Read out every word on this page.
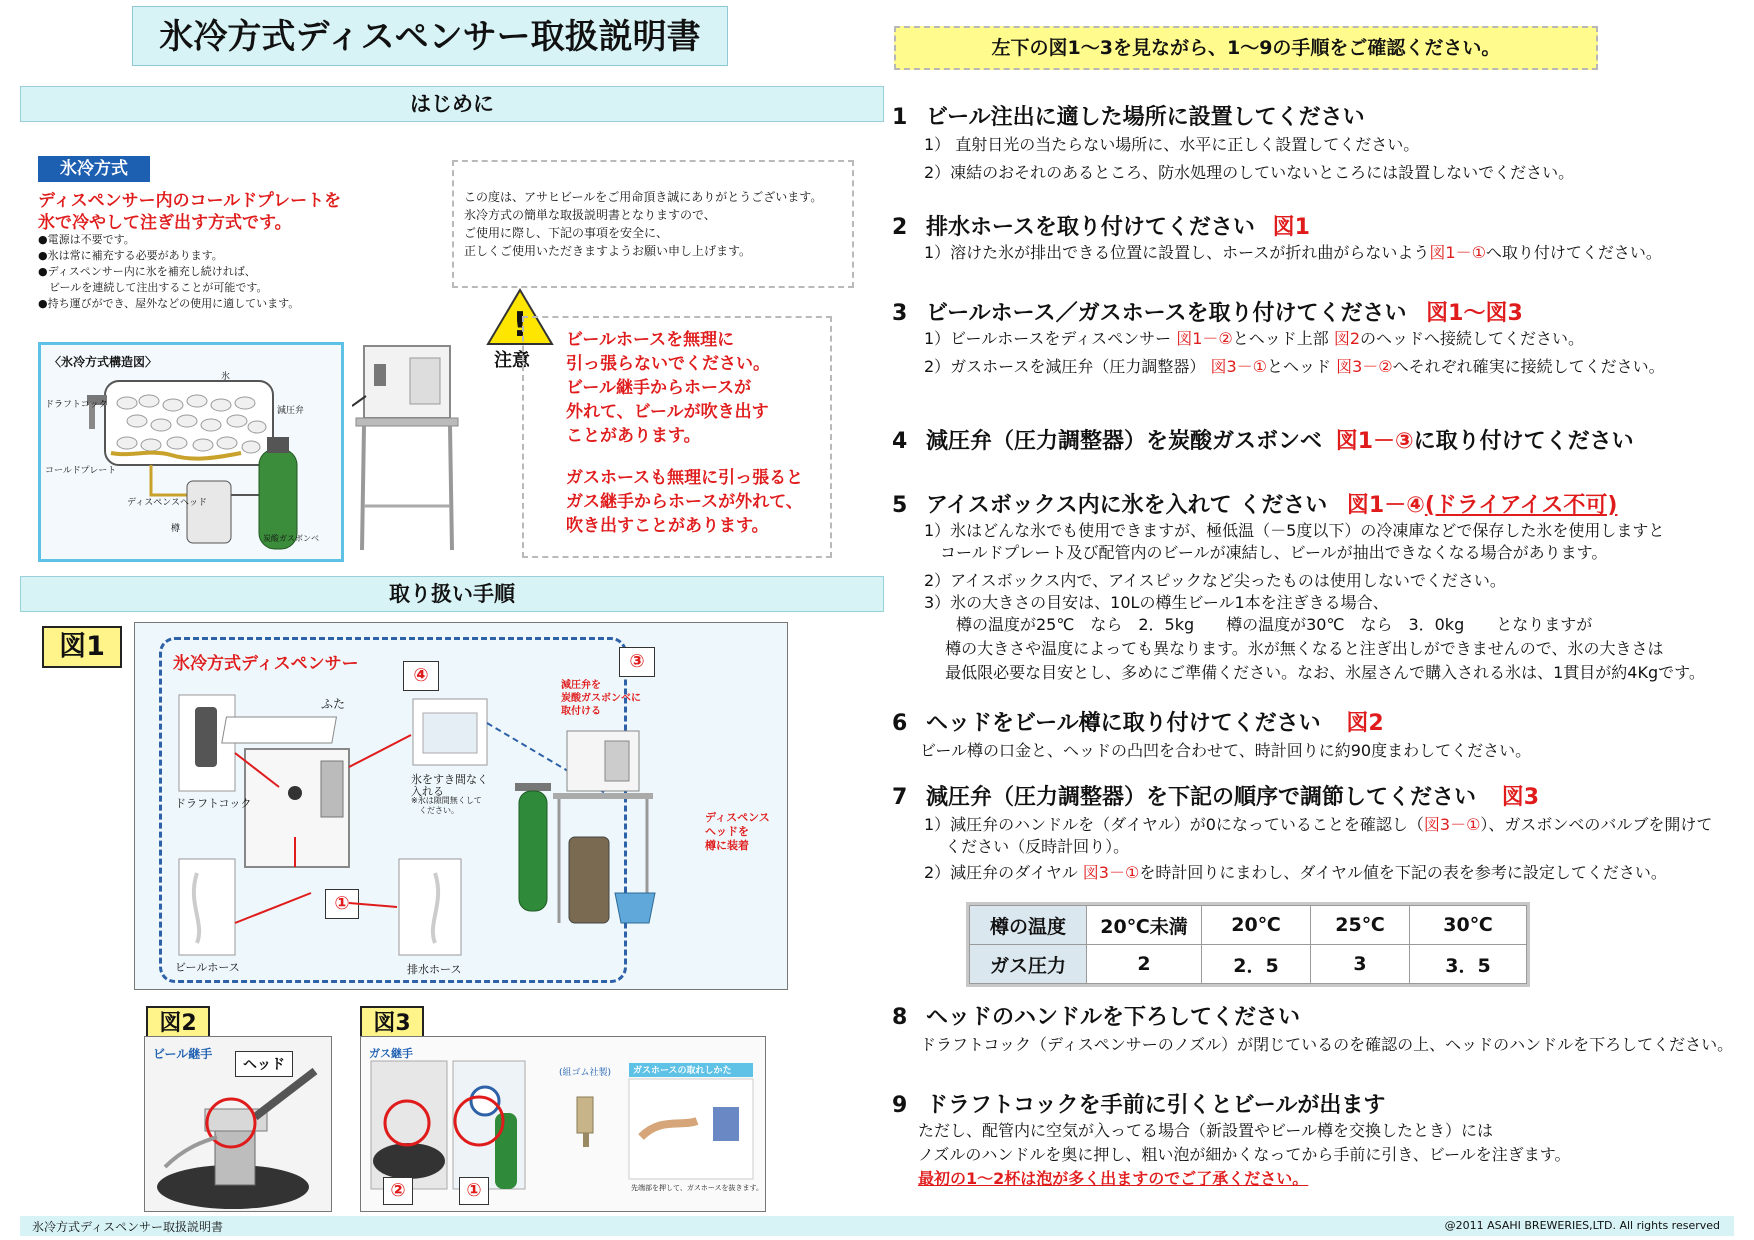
氷冷方式ディスペンサー取扱説明書
はじめに
氷冷方式
ディスペンサー内のコールドプレートを
氷で冷やして注ぎ出す方式です。
●電源は不要です。
●氷は常に補充する必要があります。
●ディスペンサー内に氷を補充し続ければ、
　ビールを連続して注出することが可能です。
●持ち運びができ、屋外などの使用に適しています。
この度は、アサヒビールをご用命頂き誠にありがとうございます。
氷冷方式の簡単な取扱説明書となりますので、
ご使用に際し、下記の事項を安全に、
正しくご使用いただきますようお願い申し上げます。
〈氷冷方式構造図〉
ドラフトコック
氷
減圧弁
コールドプレート
ディスペンスヘッド
樽
炭酸ガスボンベ
!
注意
ビールホースを無理に
引っ張らないでください。
ビール継手からホースが
外れて、ビールが吹き出す
ことがあります。
ガスホースも無理に引っ張ると
ガス継手からホースが外れて、
吹き出すことがあります。
取り扱い手順
図1
氷冷方式ディスペンサー
④
③
①
ふた
ドラフトコック
氷をすき間なく
入れる
※氷は隙間無くして
ください。
ビールホース	排水ホース
減圧弁を
炭酸ガスボンベに
取付ける
ディスペンス
ヘッドを
樽に装着
図2
ビール継手
ヘッド
図3
ガス継手
(組ゴム社製)	ガスホースの取れしかた
先端部を押して、ガスホースを抜きます。
②	①
左下の図1～3を見ながら、1～9の手順をご確認ください。
1 ビール注出に適した場所に設置してください
1） 直射日光の当たらない場所に、水平に正しく設置してください。
2）凍結のおそれのあるところ、防水処理のしていないところには設置しないでください。
2 排水ホースを取り付けてください 図1
1）溶けた氷が排出できる位置に設置し、ホースが折れ曲がらないよう図1－①へ取り付けてください。
3 ビールホース／ガスホースを取り付けてください 図1～図3
1）ビールホースをディスペンサー 図1－②とヘッド上部 図2のヘッドへ接続してください。
2）ガスホースを減圧弁（圧力調整器） 図3－①とヘッド 図3－②へそれぞれ確実に接続してください。
4 減圧弁（圧力調整器）を炭酸ガスボンベ 図1－③に取り付けてください
5 アイスボックス内に氷を入れて ください 図1－④(ドライアイス不可)
1）氷はどんな氷でも使用できますが、極低温（－5度以下）の冷凍庫などで保存した氷を使用しますと
　コールドプレート及び配管内のビールが凍結し、ビールが抽出できなくなる場合があります。
2）アイスボックス内で、アイスピックなど尖ったものは使用しないでください。
3）氷の大きさの目安は、10Lの樽生ビール1本を注ぎきる場合、
　　樽の温度が25℃　なら　2．5kg　　樽の温度が30℃　なら　3．0kg　　となりますが
　 樽の大きさや温度によっても異なります。氷が無くなると注ぎ出しができませんので、氷の大きさは
　 最低限必要な目安とし、多めにご準備ください。なお、氷屋さんで購入される氷は、1貫目が約4Kgです。
6 ヘッドをビール樽に取り付けてください 図2
ビール樽の口金と、ヘッドの凸凹を合わせて、時計回りに約90度まわしてください。
7 減圧弁（圧力調整器）を下記の順序で調節してください 図3
1）減圧弁のハンドルを（ダイヤル）が0になっていることを確認し（図3－①）、ガスボンベのバルブを開けて
　 ください（反時計回り）。
2）減圧弁のダイヤル 図3－①を時計回りにまわし、ダイヤル値を下記の表を参考に設定してください。
樽の温度	20℃未満	20℃	25℃	30℃
ガス圧力	2	2．5	3	3．5
8 ヘッドのハンドルを下ろしてください
ドラフトコック（ディスペンサーのノズル）が閉じているのを確認の上、ヘッドのハンドルを下ろしてください。
9 ドラフトコックを手前に引くとビールが出ます
ただし、配管内に空気が入ってる場合（新設置やビール樽を交換したとき）には
ノズルのハンドルを奥に押し、粗い泡が細かくなってから手前に引き、ビールを注ぎます。
最初の1～2杯は泡が多く出ますのでご了承ください。
氷冷方式ディスペンサー取扱説明書	@2011 ASAHI BREWERIES,LTD. All rights reserved
